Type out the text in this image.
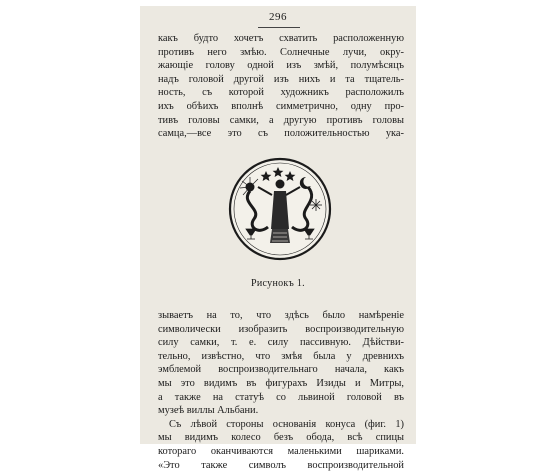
296
какъ будто хочетъ схватить расположенную
противъ него змѣю. Солнечные лучи, окру-
жающіе голову одной изъ змѣй, полумѣсяцъ
надъ головой другой изъ нихъ и та тщатель-
ность, съ которой художникъ расположилъ
ихъ обѣихъ вполнѣ симметрично, одну про-
тивъ головы самки, а другую противъ головы
самца,—все это съ положительностью ука-
Рисунокъ 1.
зываетъ на то, что здѣсь было намѣреніе
символически изобразить воспроизводительную
силу самки, т. е. силу пассивную. Дѣйстви-
тельно, извѣстно, что змѣя была у древнихъ
эмблемой воспроизводительнаго начала, какъ
мы это видимъ въ фигурахъ Изиды и Митры,
а также на статуѣ со львиной головой въ
музеѣ виллы Альбани.
Съ лѣвой стороны основанія конуса (фиг. 1)
мы видимъ колесо безъ обода, всѣ спицы
котораго оканчиваются маленькими шариками.
«Это также символъ воспроизводительной
